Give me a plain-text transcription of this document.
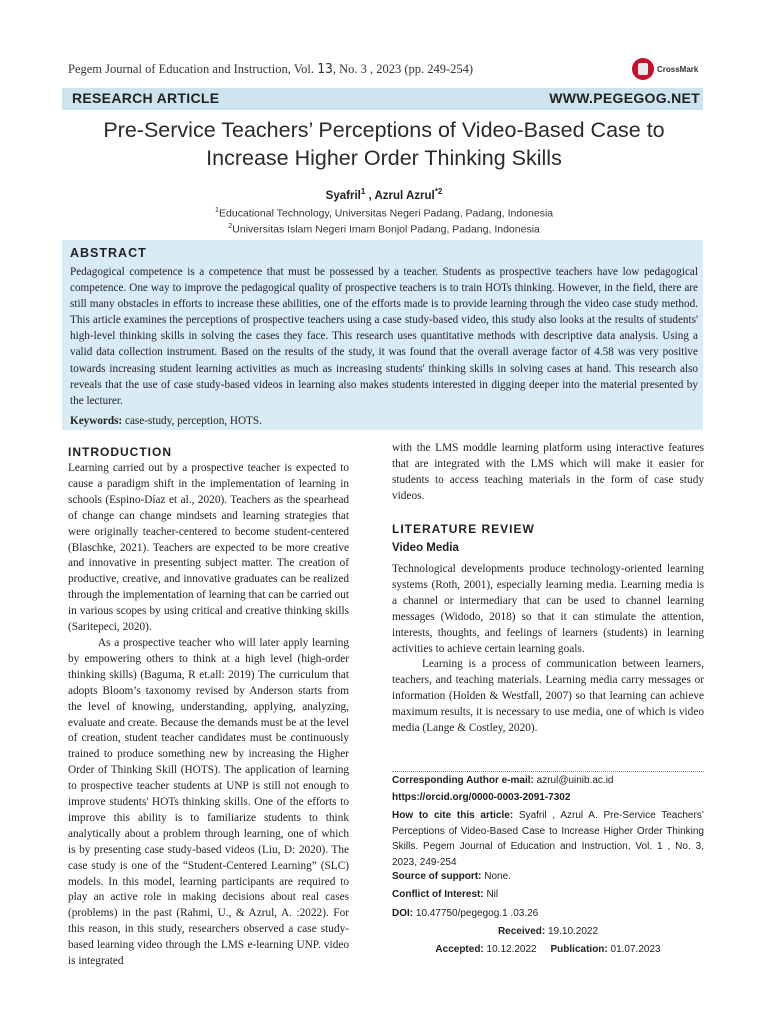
Pegem Journal of Education and Instruction, Vol. 13, No. 3 , 2023 (pp. 249-254)	CrossMark
RESEARCH ARTICLE	WWW.PEGEGOG.NET
Pre-Service Teachers’ Perceptions of Video-Based Case to
Increase Higher Order Thinking Skills
Syafril$^1$ , Azrul Azrul$^{*2}$
$^1$Educational Technology, Universitas Negeri Padang, Padang, Indonesia
$^2$Universitas Islam Negeri Imam Bonjol Padang, Padang, Indonesia
ABSTRACT
Pedagogical competence is a competence that must be possessed by a teacher. Students as prospective teachers have low pedagogical competence. One way to improve the pedagogical quality of prospective teachers is to train HOTs thinking. However, in the field, there are still many obstacles in efforts to increase these abilities, one of the efforts made is to provide learning through the video case study method. This article examines the perceptions of prospective teachers using a case study-based video, this study also looks at the results of students' high-level thinking skills in solving the cases they face. This research uses quantitative methods with descriptive data analysis. Using a valid data collection instrument. Based on the results of the study, it was found that the overall average factor of 4.58 was very positive towards increasing student learning activities as much as increasing students' thinking skills in solving cases at hand. This research also reveals that the use of case study-based videos in learning also makes students interested in digging deeper into the material presented by the lecturer.
Keywords: case-study, perception, HOTS.
INTRODUCTION

Learning carried out by a prospective teacher is expected to cause a paradigm shift in the implementation of learning in schools (Espino-Díaz et al., 2020). Teachers as the spearhead of change can change mindsets and learning strategies that were originally teacher-centered to become student-centered (Blaschke, 2021). Teachers are expected to be more creative and innovative in presenting subject matter. The creation of productive, creative, and innovative graduates can be realized through the implementation of learning that can be carried out in various scopes by using critical and creative thinking skills (Saritepeci, 2020).

As a prospective teacher who will later apply learning by empowering others to think at a high level (high-order thinking skills) (Baguma, R et.all: 2019) The curriculum that adopts Bloom’s taxonomy revised by Anderson starts from the level of knowing, understanding, applying, analyzing, evaluate and create. Because the demands must be at the level of creation, student teacher candidates must be continuously trained to produce something new by increasing the Higher Order of Thinking Skill (HOTS). The application of learning to prospective teacher students at UNP is still not enough to improve students' HOTs thinking skills. One of the efforts to improve this ability is to familiarize students to think analytically about a problem through learning, one of which is by presenting case study-based videos (Liu, D: 2020). The case study is one of the “Student-Centered Learning” (SLC) models. In this model, learning participants are required to play an active role in making decisions about real cases (problems) in the past (Rahmi, U., & Azrul, A. :2022). For this reason, in this study, researchers observed a case study-based learning video through the LMS e-learning UNP. video is integrated

with the LMS moddle learning platform using interactive features that are integrated with the LMS which will make it easier for students to access teaching materials in the form of case study videos.
LITERATURE REVIEW
Video Media

Technological developments produce technology-oriented learning systems (Roth, 2001), especially learning media. Learning media is a channel or intermediary that can be used to channel learning messages (Widodo, 2018) so that it can stimulate the attention, interests, thoughts, and feelings of learners (students) in learning activities to achieve certain learning goals.

Learning is a process of communication between learners, teachers, and teaching materials. Learning media carry messages or information (Holden & Westfall, 2007) so that learning can achieve maximum results, it is necessary to use media, one of which is video media (Lange & Costley, 2020).

Corresponding Author e-mail: azrul@uinib.ac.id
https://orcid.org/0000-0003-2091-7302
How to cite this article: Syafril , Azrul A. Pre-Service Teachers’ Perceptions of Video-Based Case to Increase Higher Order Thinking Skills. Pegem Journal of Education and Instruction, Vol. 1 , No. 3, 2023, 249-254
Source of support: None.
Conflict of Interest: Nil
DOI: 10.47750/pegegog.1 .03.26
Received: 19.10.2022
Accepted: 10.12.2022 Publication: 01.07.2023
